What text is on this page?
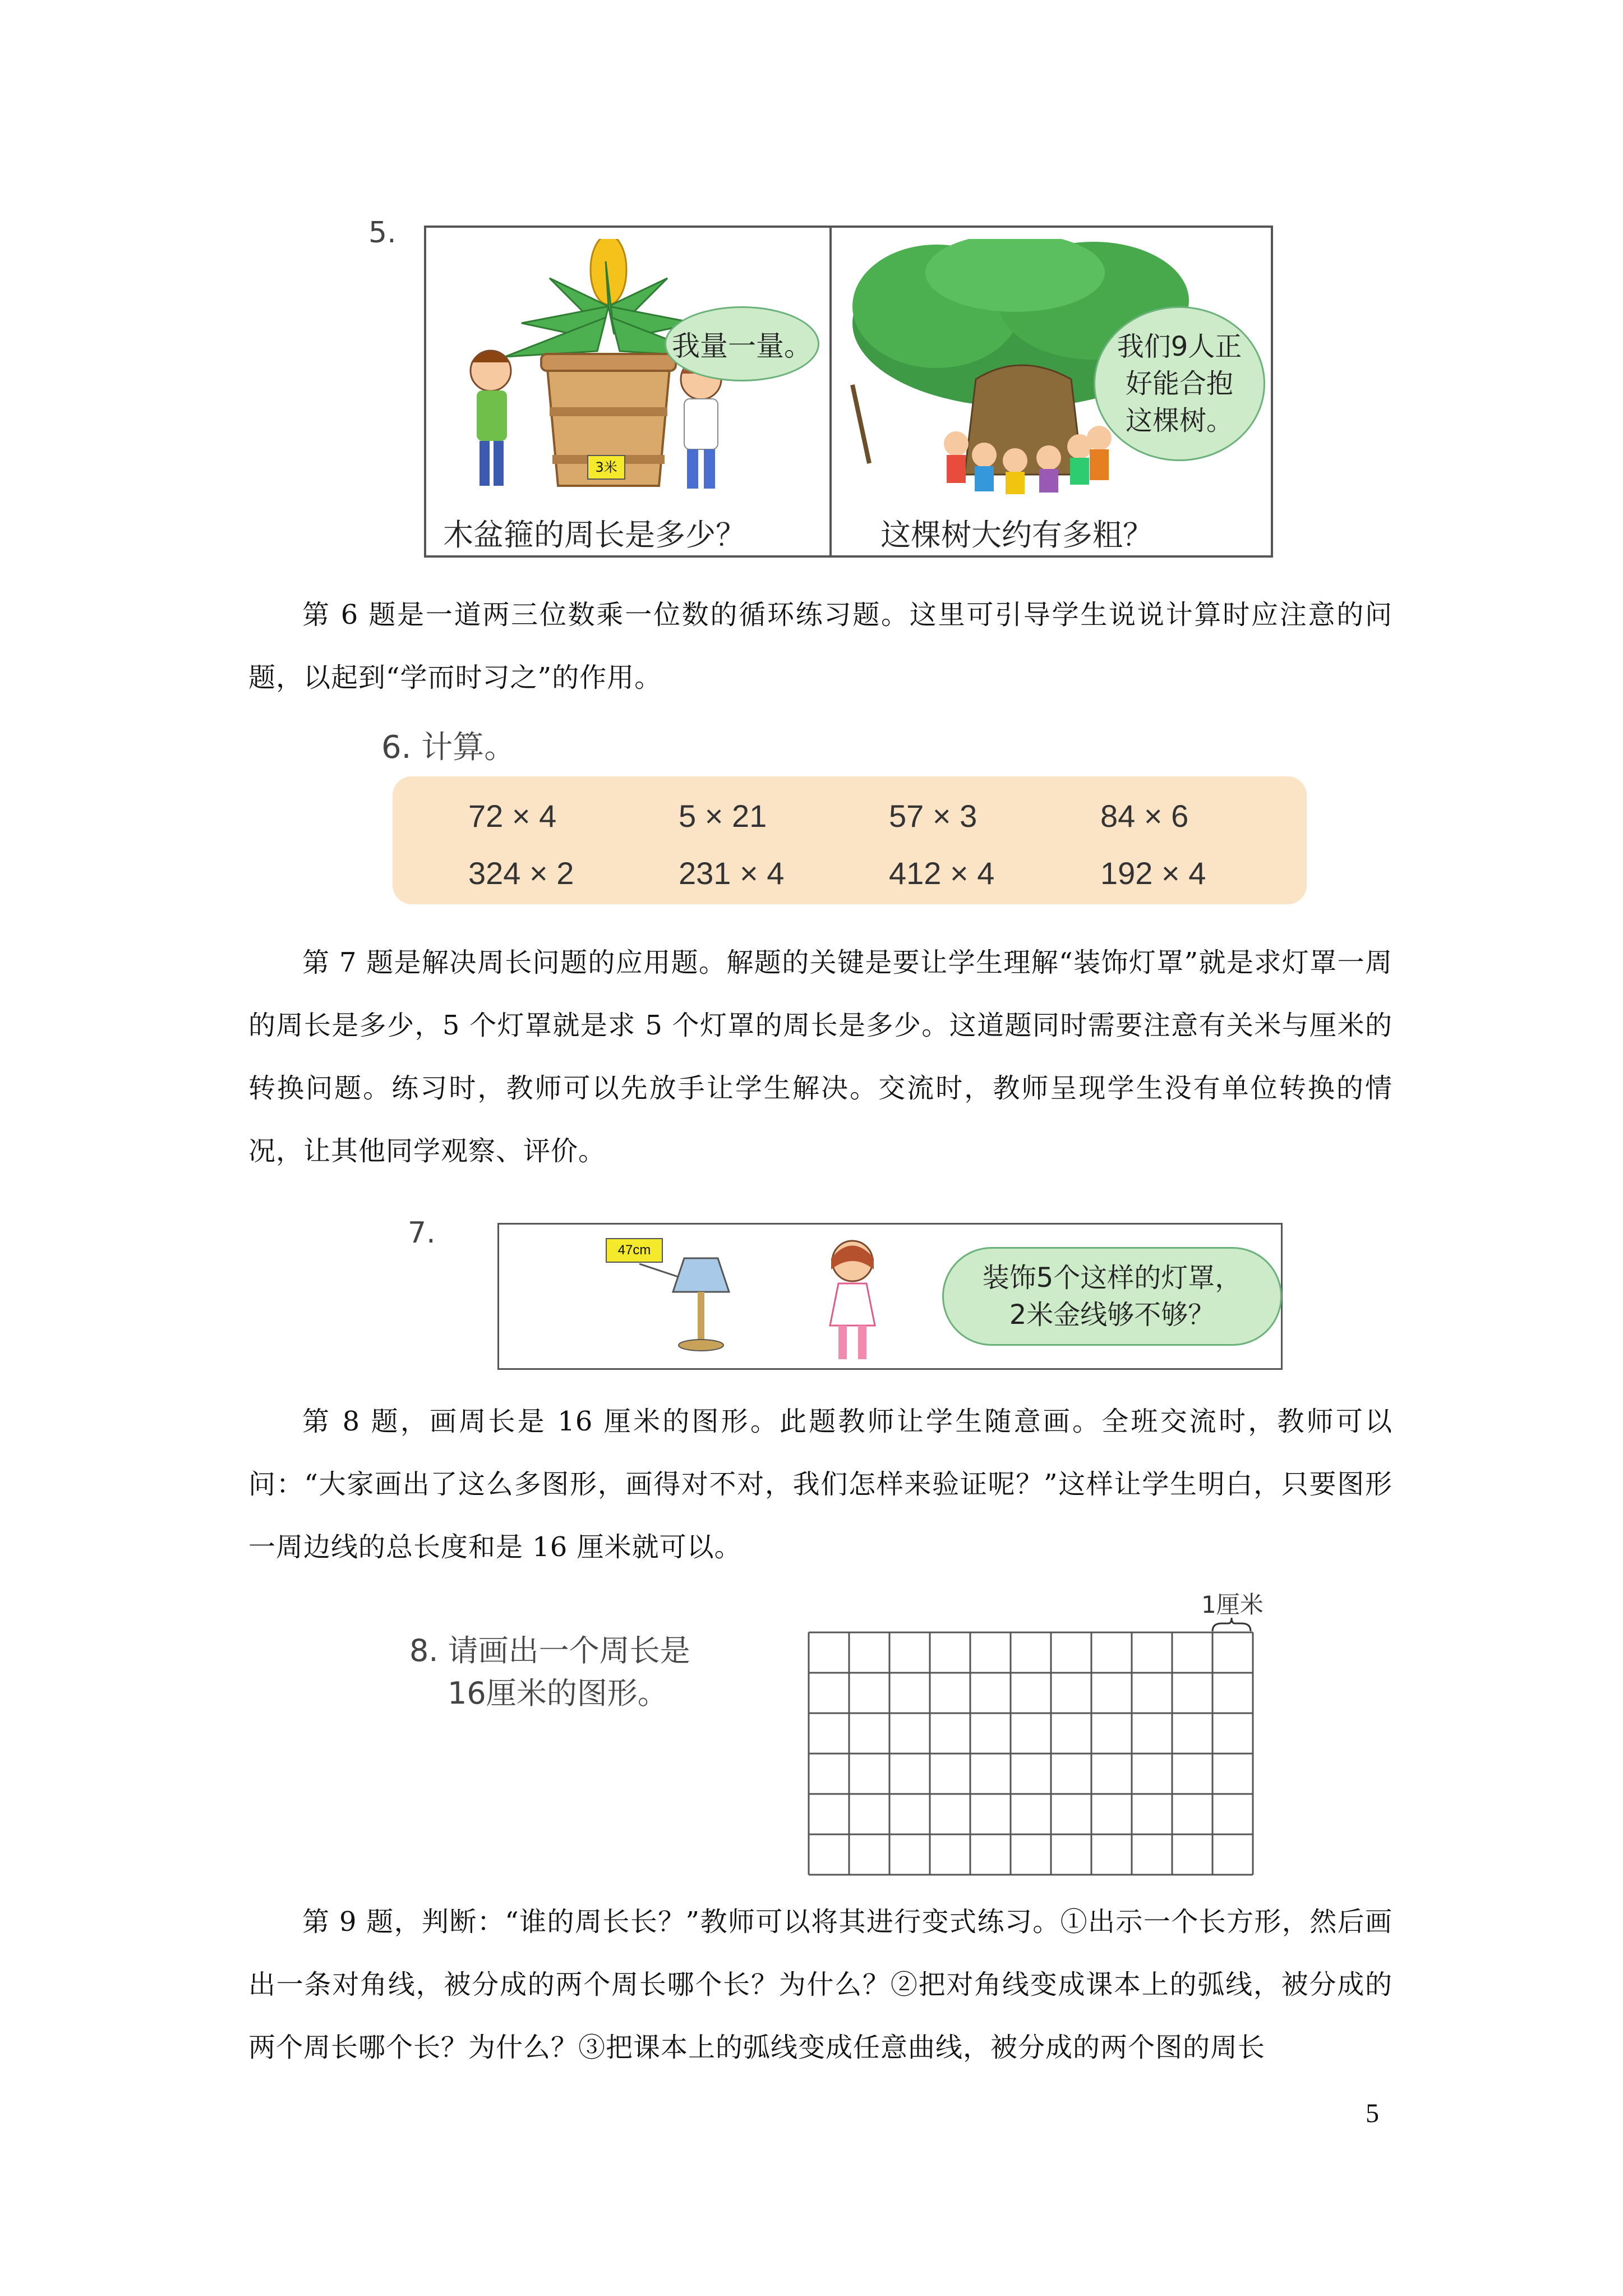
5.
3米
我量一量。
木盆箍的周长是多少？
我们9人正
好能合抱
这棵树。
这棵树大约有多粗？

第 6 题是一道两三位数乘一位数的循环练习题。这里可引导学生说说计算时应注意的问题，以起到“学而时习之”的作用。

6. 计算。
72 × 4	5 × 21	57 × 3	84 × 6
324 × 2	231 × 4	412 × 4	192 × 4

第 7 题是解决周长问题的应用题。解题的关键是要让学生理解“装饰灯罩”就是求灯罩一周的周长是多少，5 个灯罩就是求 5 个灯罩的周长是多少。这道题同时需要注意有关米与厘米的转换问题。练习时，教师可以先放手让学生解决。交流时，教师呈现学生没有单位转换的情况，让其他同学观察、评价。

7.
47cm
装饰5个这样的灯罩，
2米金线够不够？

第 8 题，画周长是 16 厘米的图形。此题教师让学生随意画。全班交流时，教师可以问：“大家画出了这么多图形，画得对不对，我们怎样来验证呢？”这样让学生明白，只要图形一周边线的总长度和是 16 厘米就可以。

8. 请画出一个周长是
16厘米的图形。
1厘米

第 9 题，判断：“谁的周长长？”教师可以将其进行变式练习。①出示一个长方形，然后画出一条对角线，被分成的两个周长哪个长？为什么？②把对角线变成课本上的弧线，被分成的两个周长哪个长？为什么？③把课本上的弧线变成任意曲线，被分成的两个图的周长

5
